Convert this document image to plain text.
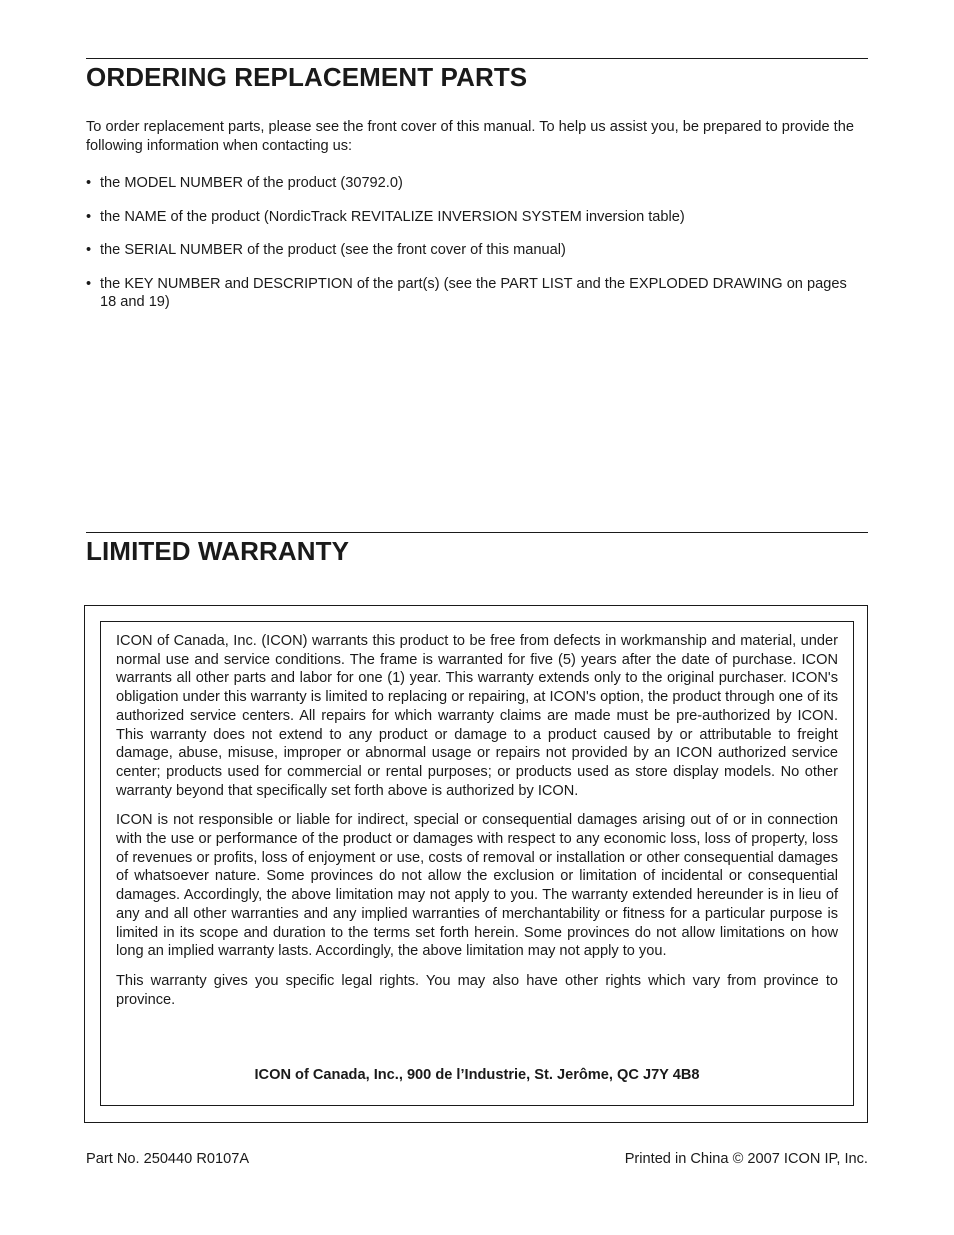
ORDERING REPLACEMENT PARTS

To order replacement parts, please see the front cover of this manual. To help us assist you, be prepared to provide the following information when contacting us:

• the MODEL NUMBER of the product (30792.0)
• the NAME of the product (NordicTrack REVITALIZE INVERSION SYSTEM inversion table)
• the SERIAL NUMBER of the product (see the front cover of this manual)
• the KEY NUMBER and DESCRIPTION of the part(s) (see the PART LIST and the EXPLODED DRAWING on pages 18 and 19)
LIMITED WARRANTY

ICON of Canada, Inc. (ICON) warrants this product to be free from defects in workmanship and material, under normal use and service conditions. The frame is warranted for five (5) years after the date of purchase. ICON warrants all other parts and labor for one (1) year. This warranty extends only to the original purchaser. ICON's obligation under this warranty is limited to replacing or repairing, at ICON's option, the product through one of its authorized service centers. All repairs for which warranty claims are made must be pre-authorized by ICON. This warranty does not extend to any product or damage to a product caused by or attributable to freight damage, abuse, misuse, improper or abnormal usage or repairs not provided by an ICON authorized service center; products used for commercial or rental purposes; or products used as store display models. No other warranty beyond that specifically set forth above is authorized by ICON.

ICON is not responsible or liable for indirect, special or consequential damages arising out of or in connection with the use or performance of the product or damages with respect to any economic loss, loss of property, loss of revenues or profits, loss of enjoyment or use, costs of removal or installation or other consequential damages of whatsoever nature. Some provinces do not allow the exclusion or limitation of incidental or consequential damages. Accordingly, the above limitation may not apply to you. The warranty extended hereunder is in lieu of any and all other warranties and any implied warranties of merchantability or fitness for a particular purpose is limited in its scope and duration to the terms set forth herein. Some provinces do not allow limitations on how long an implied warranty lasts. Accordingly, the above limitation may not apply to you.

This warranty gives you specific legal rights. You may also have other rights which vary from province to province.

ICON of Canada, Inc., 900 de l’Industrie, St. Jerôme, QC J7Y 4B8
Part No. 250440 R0107A	Printed in China © 2007 ICON IP, Inc.
